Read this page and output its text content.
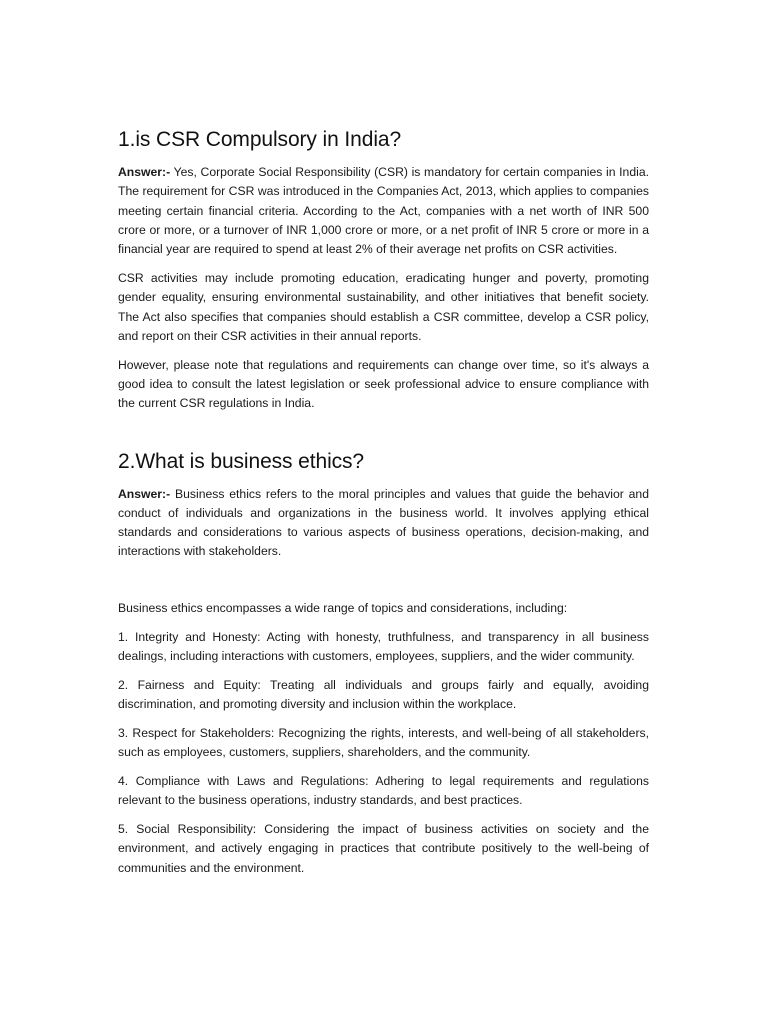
1.is CSR Compulsory in India?

Answer:- Yes, Corporate Social Responsibility (CSR) is mandatory for certain companies in India. The requirement for CSR was introduced in the Companies Act, 2013, which applies to companies meeting certain financial criteria. According to the Act, companies with a net worth of INR 500 crore or more, or a turnover of INR 1,000 crore or more, or a net profit of INR 5 crore or more in a financial year are required to spend at least 2% of their average net profits on CSR activities.

CSR activities may include promoting education, eradicating hunger and poverty, promoting gender equality, ensuring environmental sustainability, and other initiatives that benefit society. The Act also specifies that companies should establish a CSR committee, develop a CSR policy, and report on their CSR activities in their annual reports.

However, please note that regulations and requirements can change over time, so it's always a good idea to consult the latest legislation or seek professional advice to ensure compliance with the current CSR regulations in India.

2.What is business ethics?

Answer:- Business ethics refers to the moral principles and values that guide the behavior and conduct of individuals and organizations in the business world. It involves applying ethical standards and considerations to various aspects of business operations, decision-making, and interactions with stakeholders.

Business ethics encompasses a wide range of topics and considerations, including:

1. Integrity and Honesty: Acting with honesty, truthfulness, and transparency in all business dealings, including interactions with customers, employees, suppliers, and the wider community.

2. Fairness and Equity: Treating all individuals and groups fairly and equally, avoiding discrimination, and promoting diversity and inclusion within the workplace.

3. Respect for Stakeholders: Recognizing the rights, interests, and well-being of all stakeholders, such as employees, customers, suppliers, shareholders, and the community.

4. Compliance with Laws and Regulations: Adhering to legal requirements and regulations relevant to the business operations, industry standards, and best practices.

5. Social Responsibility: Considering the impact of business activities on society and the environment, and actively engaging in practices that contribute positively to the well-being of communities and the environment.
